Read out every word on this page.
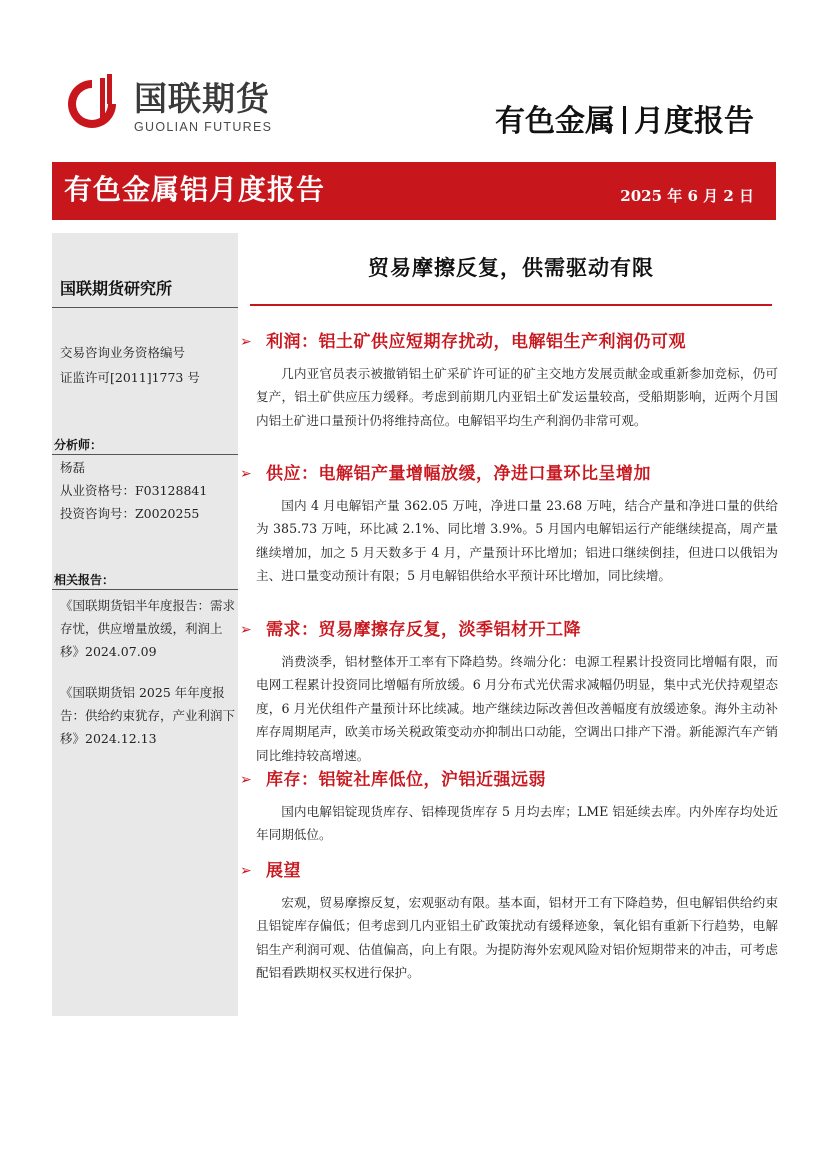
国联期货
GUOLIAN FUTURES	有色金属 月度报告
有色金属铝月度报告	2025 年 6 月 2 日
国联期货研究所
交易咨询业务资格编号
证监许可[2011]1773 号
分析师：
杨磊
从业资格号：F03128841
投资咨询号：Z0020255
相关报告：
《国联期货铝半年度报告：需求存忧，供应增量放缓，利润上移》2024.07.09
《国联期货铝 2025 年年度报告：供给约束犹存，产业利润下移》2024.12.13
贸易摩擦反复，供需驱动有限
➢ 利润：铝土矿供应短期存扰动，电解铝生产利润仍可观
几内亚官员表示被撤销铝土矿采矿许可证的矿主交地方发展贡献金或重新参加竞标，仍可复产，铝土矿供应压力缓释。考虑到前期几内亚铝土矿发运量较高，受船期影响，近两个月国内铝土矿进口量预计仍将维持高位。电解铝平均生产利润仍非常可观。
➢ 供应：电解铝产量增幅放缓，净进口量环比呈增加
国内 4 月电解铝产量 362.05 万吨，净进口量 23.68 万吨，结合产量和净进口量的供给为 385.73 万吨，环比减 2.1%、同比增 3.9%。5 月国内电解铝运行产能继续提高，周产量继续增加，加之 5 月天数多于 4 月，产量预计环比增加；铝进口继续倒挂，但进口以俄铝为主、进口量变动预计有限；5 月电解铝供给水平预计环比增加，同比续增。
➢ 需求：贸易摩擦存反复，淡季铝材开工降
消费淡季，铝材整体开工率有下降趋势。终端分化：电源工程累计投资同比增幅有限，而电网工程累计投资同比增幅有所放缓。6 月分布式光伏需求减幅仍明显，集中式光伏持观望态度，6 月光伏组件产量预计环比续减。地产继续边际改善但改善幅度有放缓迹象。海外主动补库存周期尾声，欧美市场关税政策变动亦抑制出口动能，空调出口排产下滑。新能源汽车产销同比维持较高增速。
➢ 库存：铝锭社库低位，沪铝近强远弱
国内电解铝锭现货库存、铝棒现货库存 5 月均去库；LME 铝延续去库。内外库存均处近年同期低位。
➢ 展望
宏观，贸易摩擦反复，宏观驱动有限。基本面，铝材开工有下降趋势，但电解铝供给约束且铝锭库存偏低；但考虑到几内亚铝土矿政策扰动有缓释迹象，氧化铝有重新下行趋势，电解铝生产利润可观、估值偏高，向上有限。为提防海外宏观风险对铝价短期带来的冲击，可考虑配铝看跌期权买权进行保护。
